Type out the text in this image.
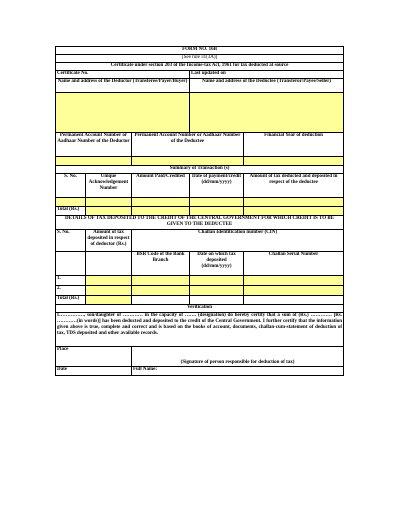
FORM NO. 16B				
[See rule 31(3A)]				
Certificate under section 203 of the Income-tax Act, 1961 for tax deducted at source				
Certificate No.			Last updated on	
Name and address of the Deductor (Transferee/Payer/Buyer)			Name and address of the Deductee (Transferor/Payee/Seller)	

Permanent Account Number or Aadhaar Number of the Deductor		Permanent Account Number or Aadhaar Number of the Deductee		Financial Year of deduction

Summary of Transaction (s)				
S. No.	Unique Acknowledgement Number	Amount Paid/Credited	Date of payment/credit (dd/mm/yyyy)	Amount of tax deducted and deposited in respect of the deductee

Total (Rs.)				
DETAILS OF TAX DEPOSITED TO THE CREDIT OF THE CENTRAL GOVERNMENT FOR WHICH CREDIT IS TO BE GIVEN TO THE DEDUCTEE				
S. No.	Amount of tax deposited in respect of deductor (Rs.)	Challan Identification number (CIN)		
		BSR Code of the Bank Branch	Date on which tax deposited (dd/mm/yyyy)	Challan Serial Number
1.				
2.				
Total (Rs.)				
Verification				
I……………, son/daughter of ………… in the capacity of ……. (designation) do hereby certify that a sum of (Rs.) …………. [Rs. …………(in words)] has been deducted and deposited to the credit of the Central Government. I further certify that the information given above is true, complete and correct and is based on the books of account, documents, challan-cum-statement of deduction of tax, TDS deposited and other available records.				
Place		(Signature of person responsible for deduction of tax)		
Date		Full Name:		
